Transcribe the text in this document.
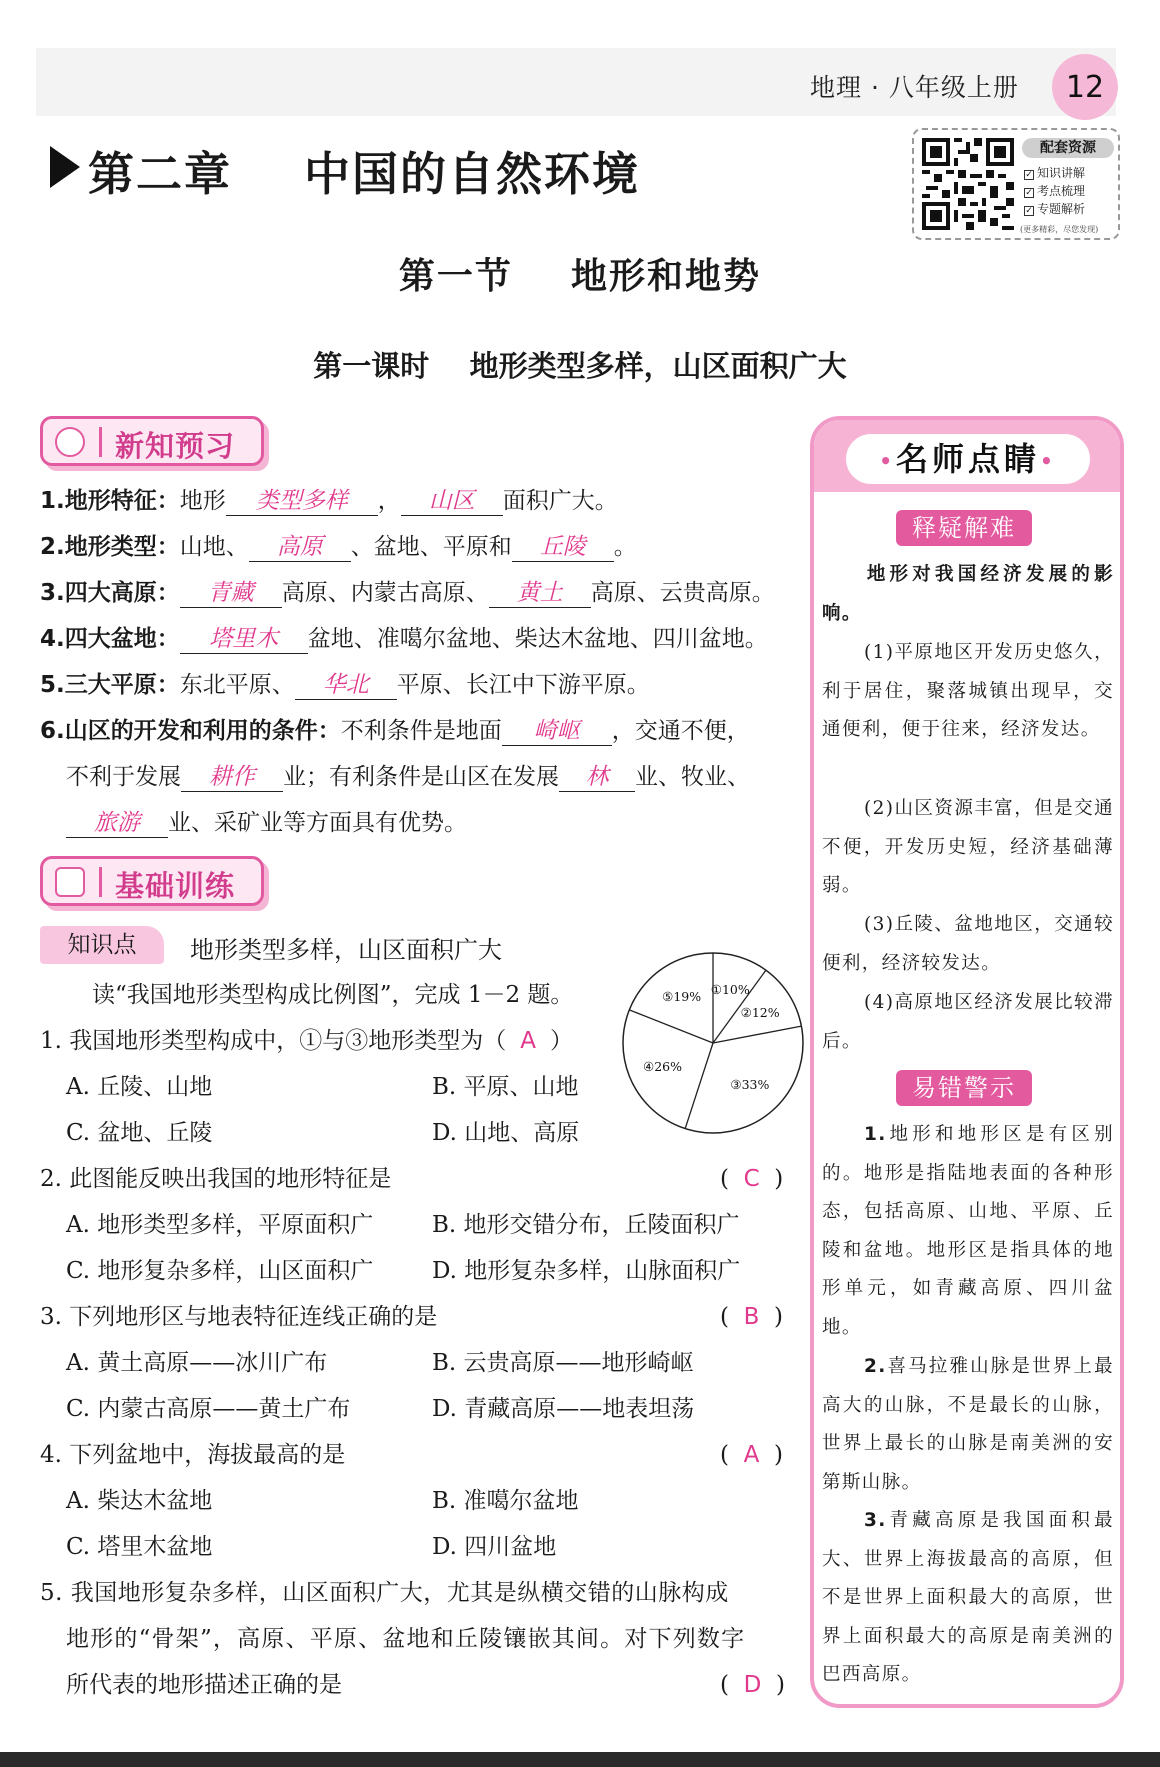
地理 · 八年级上册	12
第二章    中国的自然环境	配套资源
✓ 知识讲解
✓ 考点梳理
✓ 专题解析
(更多精彩，尽您发现)
第一节    地形和地势
第一课时    地形类型多样，山区面积广大
新知预习
1.地形特征：地形 类型多样 ， 山区 面积广大。
2.地形类型：山地、 高原 、盆地、平原和 丘陵 。
3.四大高原： 青藏 高原、内蒙古高原、 黄土 高原、云贵高原。
4.四大盆地： 塔里木 盆地、准噶尔盆地、柴达木盆地、四川盆地。
5.三大平原：东北平原、 华北 平原、长江中下游平原。
6.山区的开发和利用的条件：不利条件是地面 崎岖 ，交通不便，
不利于发展 耕作 业；有利条件是山区在发展 林 业、牧业、
旅游 业、采矿业等方面具有优势。
基础训练
知识点	地形类型多样，山区面积广大
读“我国地形类型构成比例图”，完成 1－2 题。
1. 我国地形类型构成中，①与③地形类型为（ A ）
A. 丘陵、山地	B. 平原、山地
C. 盆地、丘陵	D. 山地、高原
2. 此图能反映出我国的地形特征是	(  C  )
A. 地形类型多样，平原面积广	B. 地形交错分布，丘陵面积广
C. 地形复杂多样，山区面积广	D. 地形复杂多样，山脉面积广
3. 下列地形区与地表特征连线正确的是	(  B  )
A. 黄土高原——冰川广布	B. 云贵高原——地形崎岖
C. 内蒙古高原——黄土广布	D. 青藏高原——地表坦荡
4. 下列盆地中，海拔最高的是	(  A  )
A. 柴达木盆地	B. 准噶尔盆地
C. 塔里木盆地	D. 四川盆地
5. 我国地形复杂多样，山区面积广大，尤其是纵横交错的山脉构成
地形的“骨架”，高原、平原、盆地和丘陵镶嵌其间。对下列数字
所代表的地形描述正确的是	(  D  )
①10%
②12%
③33%
④26%
⑤19%
•名师点睛•
释疑解难
地形对我国经济发展的影响。
(1)平原地区开发历史悠久，利于居住，聚落城镇出现早，交通便利，便于往来，经济发达。
(2)山区资源丰富，但是交通不便，开发历史短，经济基础薄弱。
(3)丘陵、盆地地区，交通较便利，经济较发达。
(4)高原地区经济发展比较滞后。
易错警示
1.地形和地形区是有区别的。地形是指陆地表面的各种形态，包括高原、山地、平原、丘陵和盆地。地形区是指具体的地形单元，如青藏高原、四川盆地。
2.喜马拉雅山脉是世界上最高大的山脉，不是最长的山脉，世界上最长的山脉是南美洲的安第斯山脉。
3.青藏高原是我国面积最大、世界上海拔最高的高原，但不是世界上面积最大的高原，世界上面积最大的高原是南美洲的巴西高原。
